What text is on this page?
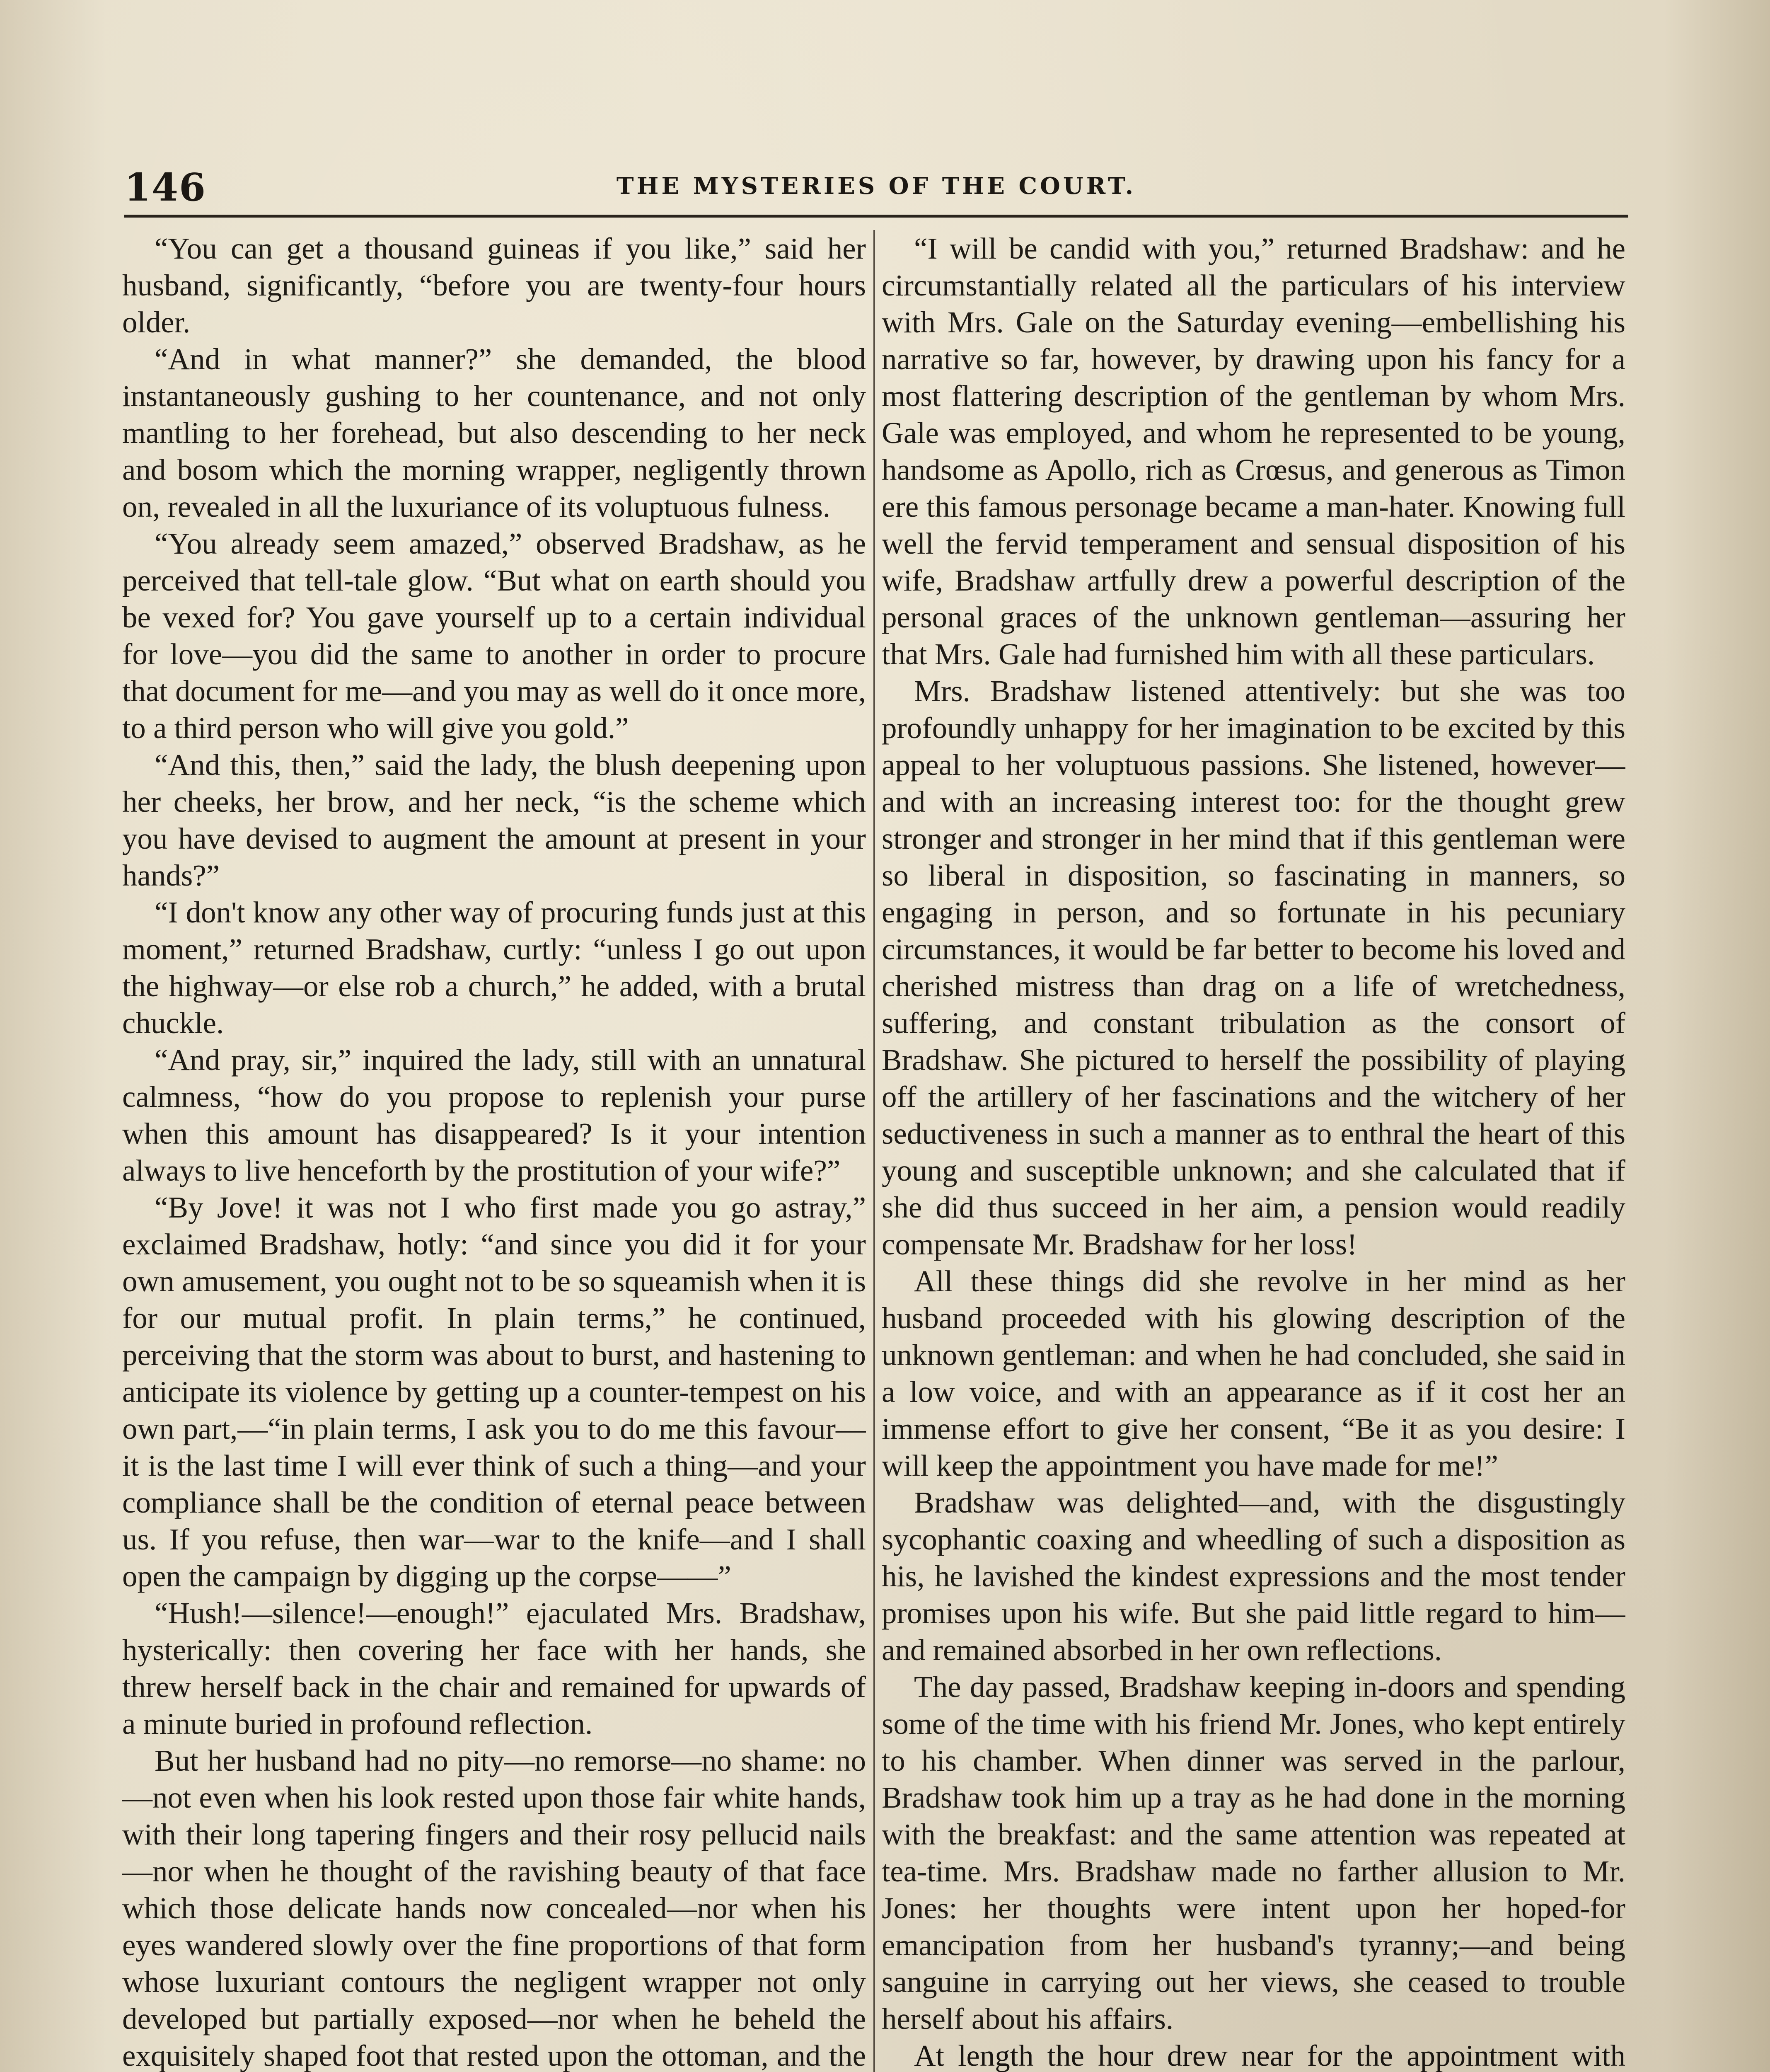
146	THE MYSTERIES OF THE COURT.

“You can get a thousand guineas if you like,” said her husband, significantly, “before you are twenty-four hours older.

“And in what manner?” she demanded, the blood instantaneously gushing to her countenance, and not only mantling to her forehead, but also descending to her neck and bosom which the morning wrapper, negligently thrown on, revealed in all the luxuriance of its voluptuous fulness.

“You already seem amazed,” observed Bradshaw, as he perceived that tell-tale glow. “But what on earth should you be vexed for? You gave yourself up to a certain individual for love—you did the same to another in order to procure that document for me—and you may as well do it once more, to a third person who will give you gold.”

“And this, then,” said the lady, the blush deepening upon her cheeks, her brow, and her neck, “is the scheme which you have devised to augment the amount at present in your hands?”

“I don't know any other way of procuring funds just at this moment,” returned Bradshaw, curtly: “unless I go out upon the highway—or else rob a church,” he added, with a brutal chuckle.

“And pray, sir,” inquired the lady, still with an unnatural calmness, “how do you propose to replenish your purse when this amount has disappeared? Is it your intention always to live henceforth by the prostitution of your wife?”

“By Jove! it was not I who first made you go astray,” exclaimed Bradshaw, hotly: “and since you did it for your own amusement, you ought not to be so squeamish when it is for our mutual profit. In plain terms,” he continued, perceiving that the storm was about to burst, and hastening to anticipate its violence by getting up a counter-tempest on his own part,—“in plain terms, I ask you to do me this favour—it is the last time I will ever think of such a thing—and your compliance shall be the condition of eternal peace between us. If you refuse, then war—war to the knife—and I shall open the campaign by digging up the corpse——”

“Hush!—silence!—enough!” ejaculated Mrs. Bradshaw, hysterically: then covering her face with her hands, she threw herself back in the chair and remained for upwards of a minute buried in profound reflection.

But her husband had no pity—no remorse—no shame: no—not even when his look rested upon those fair white hands, with their long tapering fingers and their rosy pellucid nails—nor when he thought of the ravishing beauty of that face which those delicate hands now concealed—nor when his eyes wandered slowly over the fine proportions of that form whose luxuriant contours the negligent wrapper not only developed but partially exposed—nor when he beheld the exquisitely shaped foot that rested upon the ottoman, and the

“I will be candid with you,” returned Bradshaw: and he circumstantially related all the particulars of his interview with Mrs. Gale on the Saturday evening—embellishing his narrative so far, however, by drawing upon his fancy for a most flattering description of the gentleman by whom Mrs. Gale was employed, and whom he represented to be young, handsome as Apollo, rich as Crœsus, and generous as Timon ere this famous personage became a man-hater. Knowing full well the fervid temperament and sensual disposition of his wife, Bradshaw artfully drew a powerful description of the personal graces of the unknown gentleman—assuring her that Mrs. Gale had furnished him with all these particulars.

Mrs. Bradshaw listened attentively: but she was too profoundly unhappy for her imagination to be excited by this appeal to her voluptuous passions. She listened, however—and with an increasing interest too: for the thought grew stronger and stronger in her mind that if this gentleman were so liberal in disposition, so fascinating in manners, so engaging in person, and so fortunate in his pecuniary circumstances, it would be far better to become his loved and cherished mistress than drag on a life of wretchedness, suffering, and constant tribulation as the consort of Bradshaw. She pictured to herself the possibility of playing off the artillery of her fascinations and the witchery of her seductiveness in such a manner as to enthral the heart of this young and susceptible unknown; and she calculated that if she did thus succeed in her aim, a pension would readily compensate Mr. Bradshaw for her loss!

All these things did she revolve in her mind as her husband proceeded with his glowing description of the unknown gentleman: and when he had concluded, she said in a low voice, and with an appearance as if it cost her an immense effort to give her consent, “Be it as you desire: I will keep the appointment you have made for me!”

Bradshaw was delighted—and, with the disgustingly sycophantic coaxing and wheedling of such a disposition as his, he lavished the kindest expressions and the most tender promises upon his wife. But she paid little regard to him—and remained absorbed in her own reflections.

The day passed, Bradshaw keeping in-doors and spending some of the time with his friend Mr. Jones, who kept entirely to his chamber. When dinner was served in the parlour, Bradshaw took him up a tray as he had done in the morning with the breakfast: and the same attention was repeated at tea-time. Mrs. Bradshaw made no farther allusion to Mr. Jones: her thoughts were intent upon her hoped-for emancipation from her husband's tyranny;—and being sanguine in carrying out her views, she ceased to trouble herself about his affairs.

At length the hour drew near for the appointment with
